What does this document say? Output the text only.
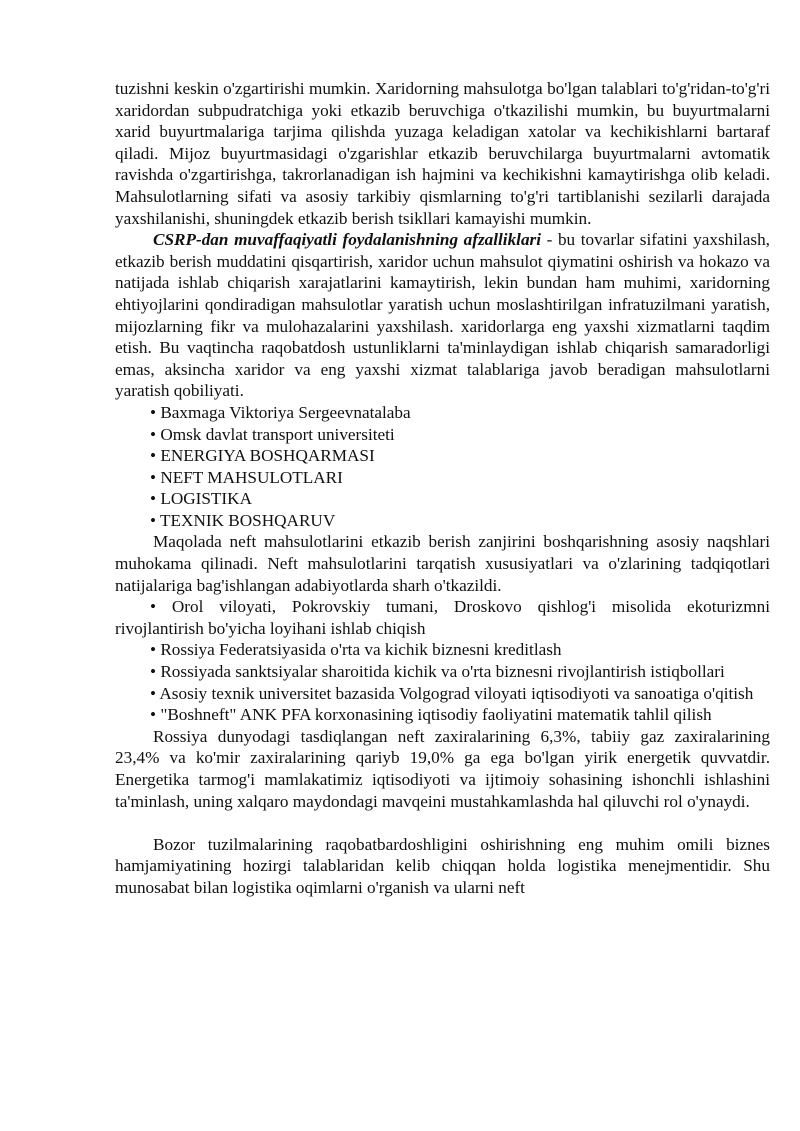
tuzishni keskin o'zgartirishi mumkin. Xaridorning mahsulotga bo'lgan talablari to'g'ridan-to'g'ri xaridordan subpudratchiga yoki etkazib beruvchiga o'tkazilishi mumkin, bu buyurtmalarni xarid buyurtmalariga tarjima qilishda yuzaga keladigan xatolar va kechikishlarni bartaraf qiladi. Mijoz buyurtmasidagi o'zgarishlar etkazib beruvchilarga buyurtmalarni avtomatik ravishda o'zgartirishga, takrorlanadigan ish hajmini va kechikishni kamaytirishga olib keladi. Mahsulotlarning sifati va asosiy tarkibiy qismlarning to'g'ri tartiblanishi sezilarli darajada yaxshilanishi, shuningdek etkazib berish tsikllari kamayishi mumkin.

CSRP-dan muvaffaqiyatli foydalanishning afzalliklari - bu tovarlar sifatini yaxshilash, etkazib berish muddatini qisqartirish, xaridor uchun mahsulot qiymatini oshirish va hokazo va natijada ishlab chiqarish xarajatlarini kamaytirish, lekin bundan ham muhimi, xaridorning ehtiyojlarini qondiradigan mahsulotlar yaratish uchun moslashtirilgan infratuzilmani yaratish, mijozlarning fikr va mulohazalarini yaxshilash. xaridorlarga eng yaxshi xizmatlarni taqdim etish. Bu vaqtincha raqobatdosh ustunliklarni ta'minlaydigan ishlab chiqarish samaradorligi emas, aksincha xaridor va eng yaxshi xizmat talablariga javob beradigan mahsulotlarni yaratish qobiliyati.

• Baxmaga Viktoriya Sergeevnatalaba

• Omsk davlat transport universiteti

• ENERGIYA BOSHQARMASI

• NEFT MAHSULOTLARI

• LOGISTIKA

• TEXNIK BOSHQARUV

Maqolada neft mahsulotlarini etkazib berish zanjirini boshqarishning asosiy naqshlari muhokama qilinadi. Neft mahsulotlarini tarqatish xususiyatlari va o'zlarining tadqiqotlari natijalariga bag'ishlangan adabiyotlarda sharh o'tkazildi.

• Orol viloyati, Pokrovskiy tumani, Droskovo qishlog'i misolida ekoturizmni rivojlantirish bo'yicha loyihani ishlab chiqish

• Rossiya Federatsiyasida o'rta va kichik biznesni kreditlash

• Rossiyada sanktsiyalar sharoitida kichik va o'rta biznesni rivojlantirish istiqbollari

• Asosiy texnik universitet bazasida Volgograd viloyati iqtisodiyoti va sanoatiga o'qitish

• "Boshneft" ANK PFA korxonasining iqtisodiy faoliyatini matematik tahlil qilish

Rossiya dunyodagi tasdiqlangan neft zaxiralarining 6,3%, tabiiy gaz zaxiralarining 23,4% va ko'mir zaxiralarining qariyb 19,0% ga ega bo'lgan yirik energetik quvvatdir. Energetika tarmog'i mamlakatimiz iqtisodiyoti va ijtimoiy sohasining ishonchli ishlashini ta'minlash, uning xalqaro maydondagi mavqeini mustahkamlashda hal qiluvchi rol o'ynaydi.

Bozor tuzilmalarining raqobatbardoshligini oshirishning eng muhim omili biznes hamjamiyatining hozirgi talablaridan kelib chiqqan holda logistika menejmentidir. Shu munosabat bilan logistika oqimlarni o'rganish va ularni neft
